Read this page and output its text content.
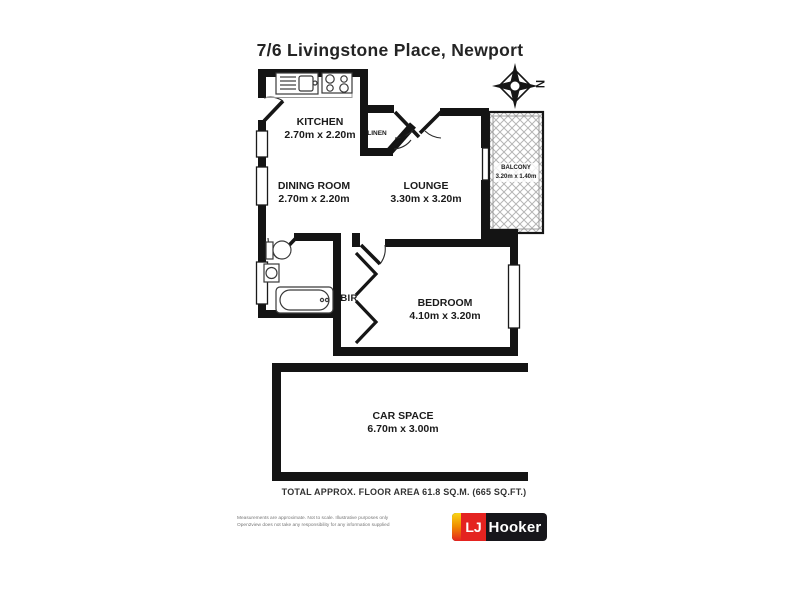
7/6 Livingstone Place, Newport
N
KITCHEN
2.70m x 2.20m
DINING ROOM
2.70m x 2.20m
LOUNGE
3.30m x 3.20m
BALCONY
3.20m x 1.40m
BEDROOM
4.10m x 3.20m
CAR SPACE
6.70m x 3.00m
LINEN
BIR
TOTAL APPROX. FLOOR AREA 61.8 SQ.M. (665 SQ.FT.)
Measurements are approximate. Not to scale. Illustrative purposes only
Open2view does not take any responsibility for any information supplied	LJ Hooker
